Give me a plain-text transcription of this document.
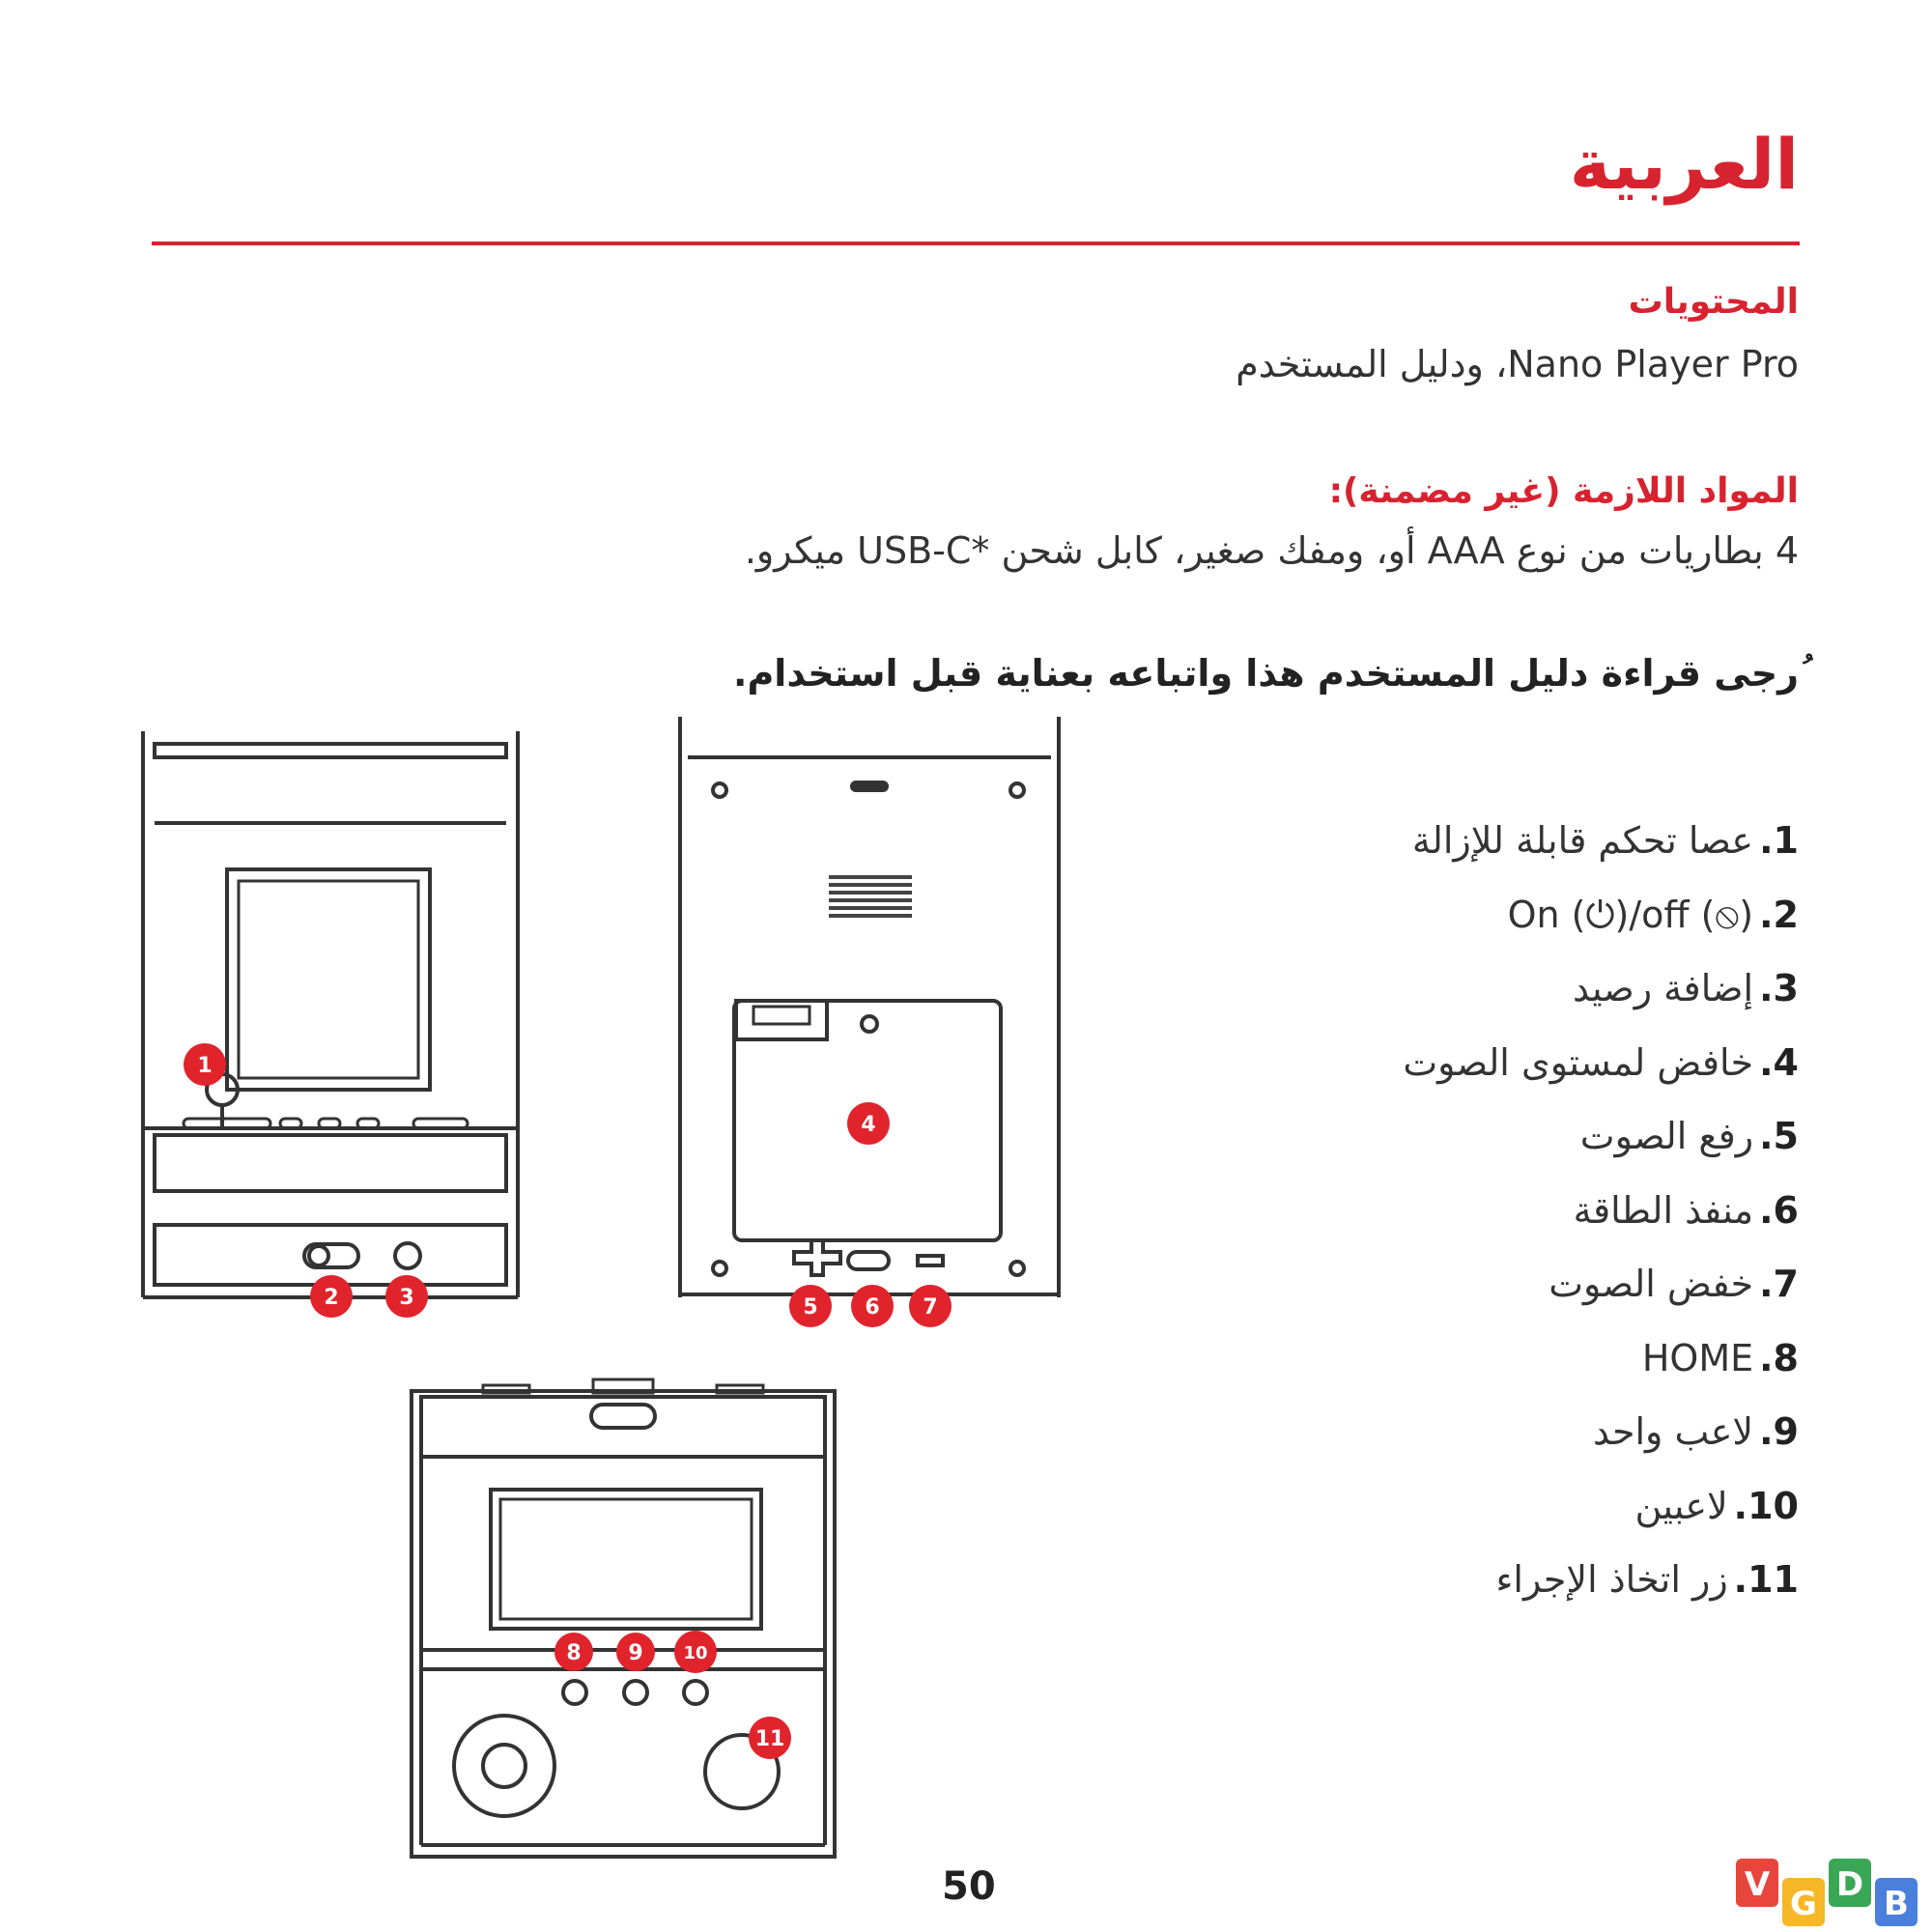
العربية
المحتويات
Nano Player Pro، ودليل المستخدم
المواد اللازمة (غير مضمنة):
4 بطاريات من نوع AAA أو، ومفك صغير، كابل شحن *USB-C ميكرو.
ُرجى قراءة دليل المستخدم هذا واتباعه بعناية قبل استخدام.
1.عصا تحكم قابلة للإزالة
2.On (⏻)/off (⦸)
3.إضافة رصيد
4.خافض لمستوى الصوت
5.رفع الصوت
6.منفذ الطاقة
7.خفض الصوت
8.HOME
9.لاعب واحد
10.لاعبين
11.زر اتخاذ الإجراء
1
2	3
4
5 6 7
8 9 10
11
50	V G D B
